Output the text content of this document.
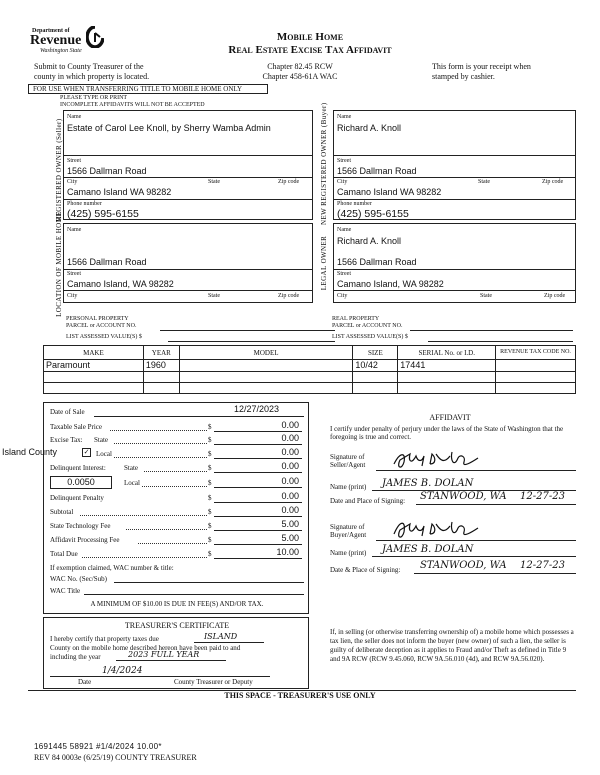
Department of
Revenue
Washington State
Submit to County Treasurer of the
county in which property is located.
Mobile Home
Real Estate Excise Tax Affidavit
Chapter 82.45 RCW
Chapter 458-61A WAC
This form is your receipt when
stamped by cashier.
FOR USE WHEN TRANSFERRING TITLE TO MOBILE HOME ONLY
PLEASE TYPE OR PRINT
INCOMPLETE AFFIDAVITS WILL NOT BE ACCEPTED
REGISTERED OWNER (Seller)
Name
Estate of Carol Lee Knoll, by Sherry Wamba Admin
Street
1566 Dallman Road
City	State	Zip code
Camano Island WA 98282
Phone number
(425) 595-6155	NEW REGISTERED OWNER (Buyer)	Name
Richard A. Knoll
Street
1566 Dallman Road
City	State	Zip code
Camano Island WA 98282
Phone number
(425) 595-6155
LOCATION OF MOBILE HOME Name
1566 Dallman Road
Street
Camano Island, WA 98282
City	State	Zip code
LEGAL OWNER
Name
Richard A. Knoll
1566 Dallman Road
Street
Camano Island, WA 98282
City	State	Zip code
PERSONAL PROPERTY
PARCEL or ACCOUNT NO.
LIST ASSESSED VALUE(S) $
REAL PROPERTY
PARCEL or ACCOUNT NO.
LIST ASSESSED VALUE(S) $
MAKE	YEAR	MODEL	SIZE	SERIAL No. or I.D.	REVENUE TAX CODE NO.
Paramount	1960		10/42	17441	

Date of Sale	12/27/2023
Taxable Sale Price	$	0.00
Excise Tax: State	$	0.00
✓ Local	$	0.00
Delinquent Interest:	State	$	0.00
0.0050	Local	$	0.00
Delinquent Penalty	$	0.00
Subtotal	$	0.00
State Technology Fee	$	5.00
Affidavit Processing Fee	$	5.00
Total Due	$	10.00
If exemption claimed, WAC number & title:
WAC No. (Sec/Sub)
WAC Title
A MINIMUM OF $10.00 IS DUE IN FEE(S) AND/OR TAX.
Island County
AFFIDAVIT
I certify under penalty of perjury under the laws of the State of Washington that the foregoing is true and correct.
Signature of
Seller/Agent
Name (print) JAMES B. DOLAN
Date and Place of Signing: STANWOOD, WA 12-27-23
Signature of
Buyer/Agent
Name (print) JAMES B. DOLAN
Date & Place of Signing: STANWOOD, WA 12-27-23
TREASURER'S CERTIFICATE
I hereby certify that property taxes due	ISLAND
County on the mobile home described hereon have been paid to and
including the year	2023 FULL YEAR
1/4/2024
Date	County Treasurer or Deputy
If, in selling (or otherwise transferring ownership of) a mobile home which possesses a tax lien, the seller does not inform the buyer (new owner) of such a lien, the seller is guilty of deliberate deception as it applies to Fraud and/or Theft as defined in Title 9 and 9A RCW (RCW 9.45.060, RCW 9A.56.010 (4d), and RCW 9A.56.020).
THIS SPACE - TREASURER'S USE ONLY
1691445 58921 #1/4/2024 10.00*
REV 84 0003e (6/25/19) COUNTY TREASURER
